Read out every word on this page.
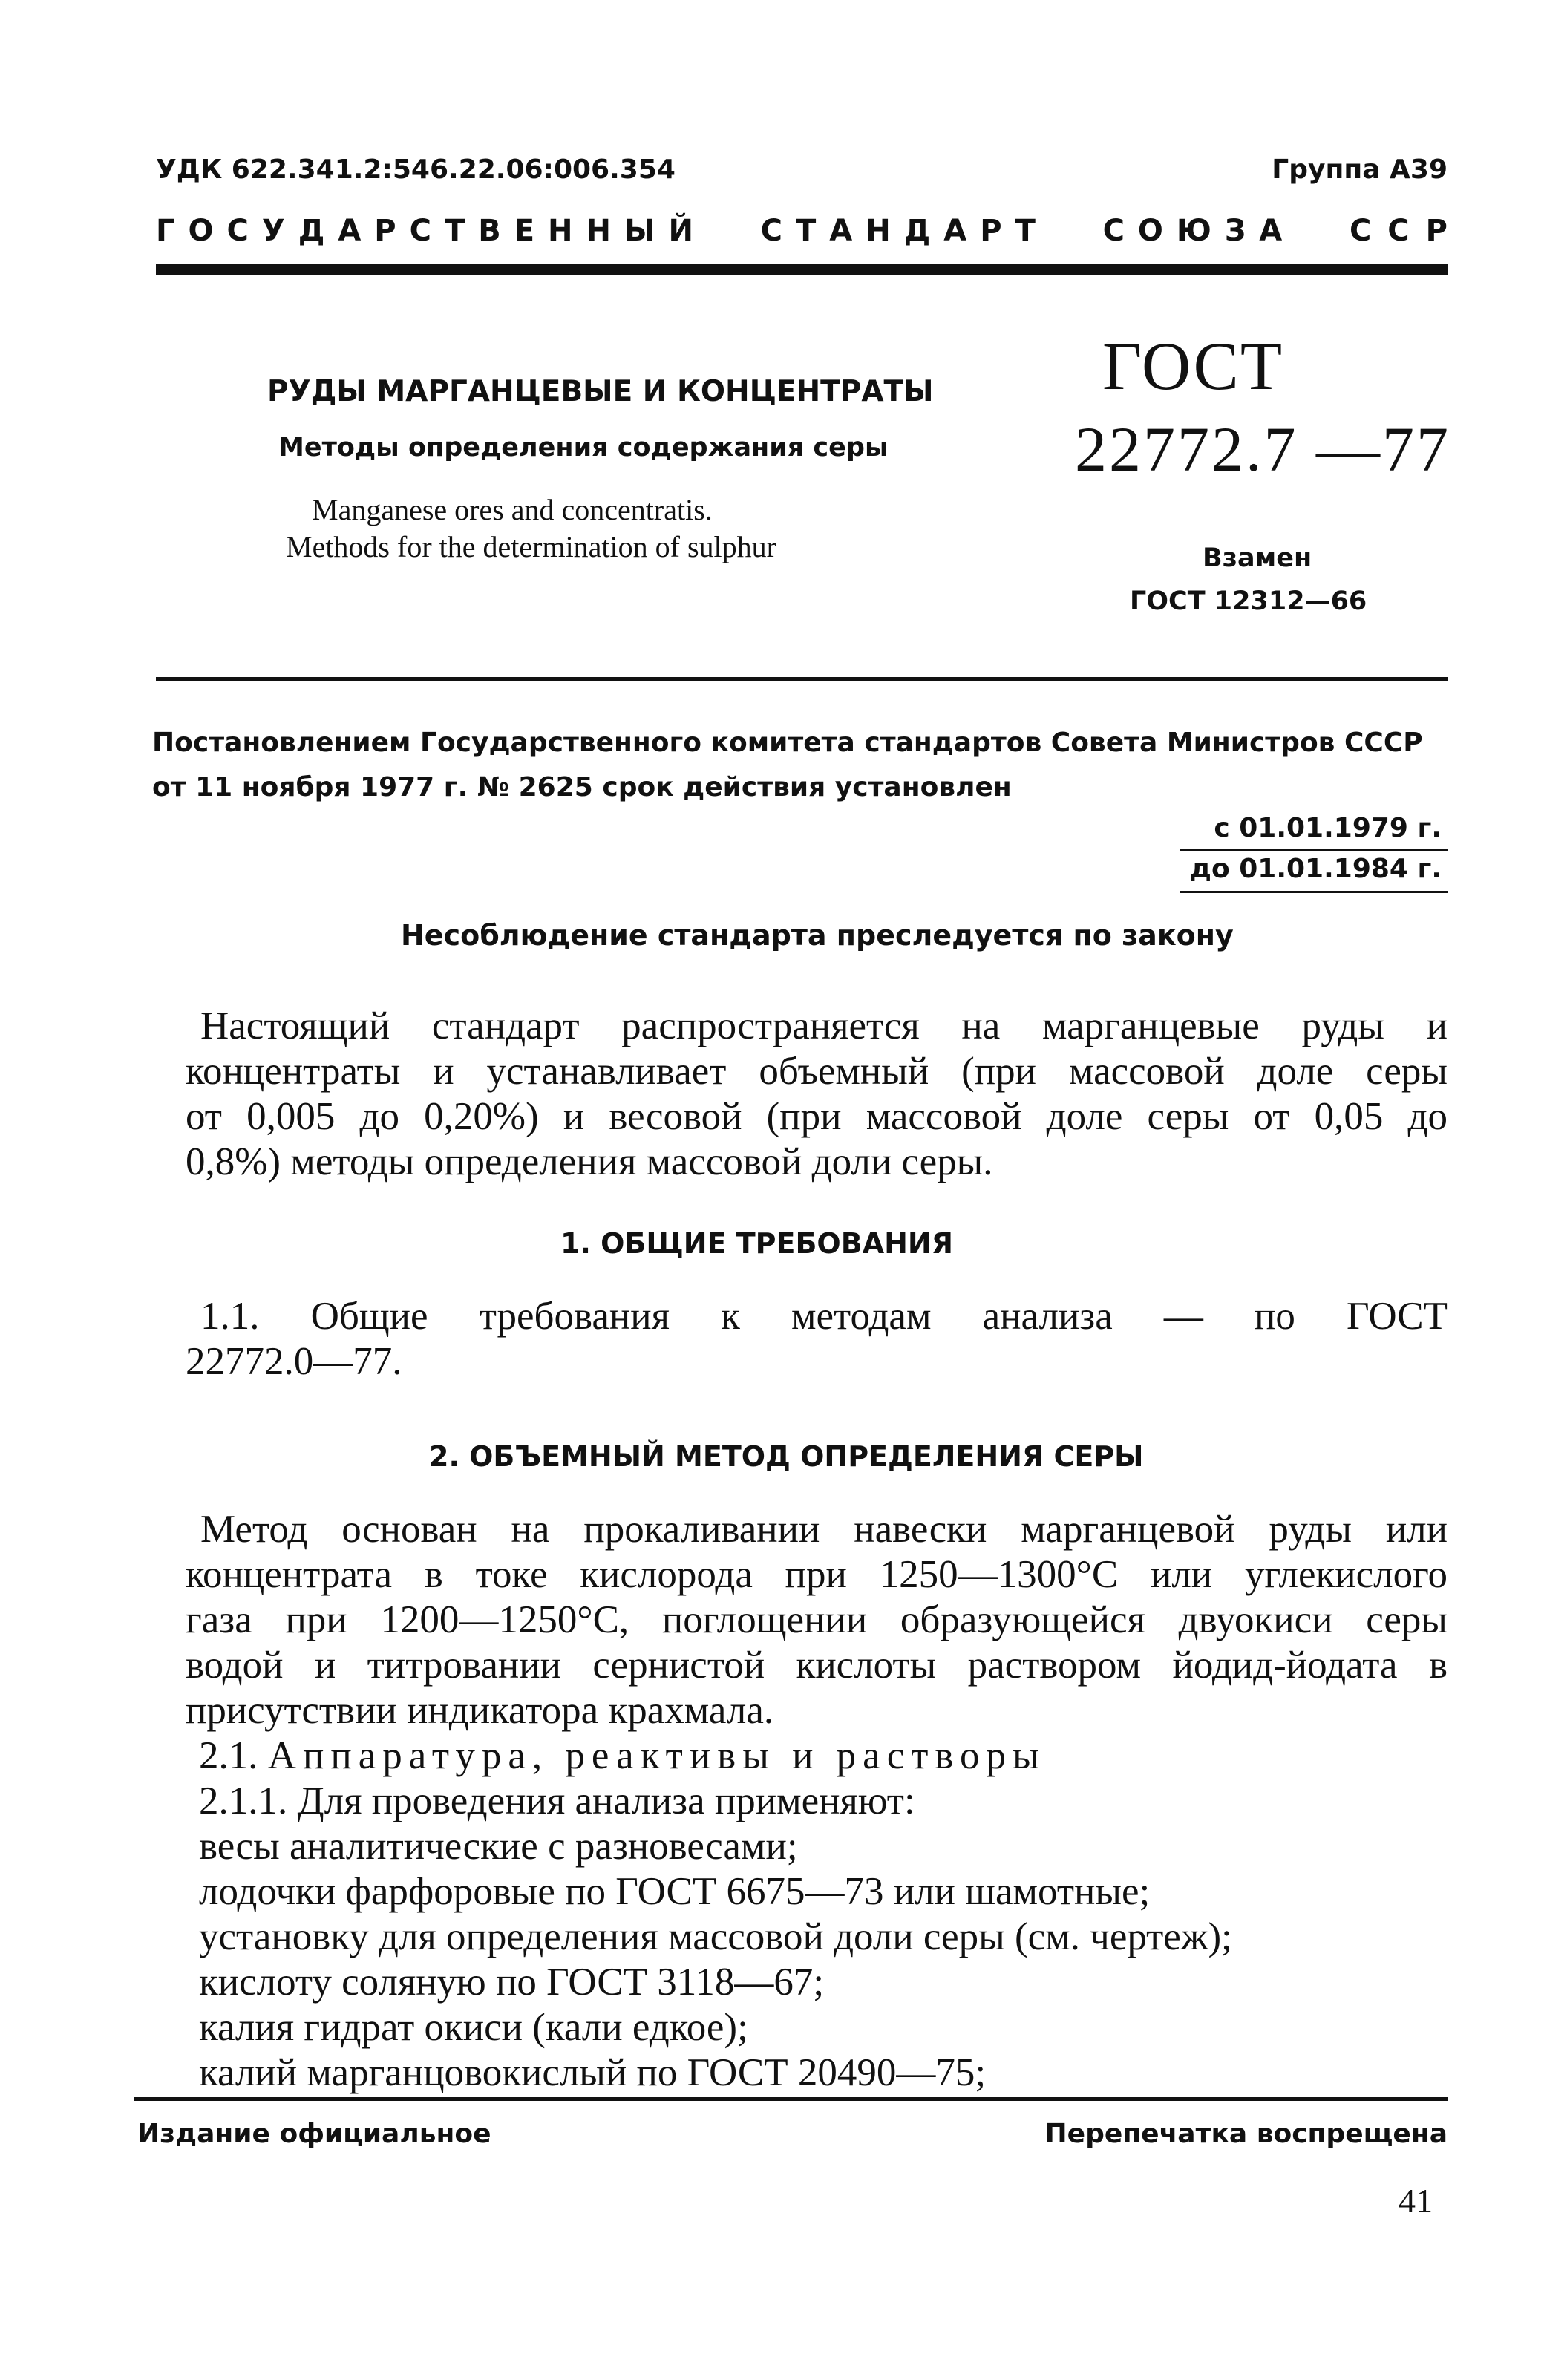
УДК 622.341.2:546.22.06:006.354	Группа А39
ГОСУДАРСТВЕННЫЙ СТАНДАРТ СОЮЗА ССР
РУДЫ МАРГАНЦЕВЫЕ И КОНЦЕНТРАТЫ
Методы определения содержания серы
Manganese ores and concentratis.
Methods for the determination of sulphur
ГОСТ
22772.7 —77
Взамен
ГОСТ 12312—66
Постановлением Государственного комитета стандартов Совета Министров СССР
от 11 ноября 1977 г. № 2625 срок действия установлен
с 01.01.1979 г.
до 01.01.1984 г.
Несоблюдение стандарта преследуется по закону

Настоящий стандарт распространяется на марганцевые руды и

концентраты и устанавливает объемный (при массовой доле серы

от 0,005 до 0,20%) и весовой (при массовой доле серы от 0,05 до

0,8%) методы определения массовой доли серы.

1. ОБЩИЕ ТРЕБОВАНИЯ

1.1. Общие требования к методам анализа — по ГОСТ

22772.0—77.

2. ОБЪЕМНЫЙ МЕТОД ОПРЕДЕЛЕНИЯ СЕРЫ

Метод основан на прокаливании навески марганцевой руды или

концентрата в токе кислорода при 1250—1300°С или углекислого

газа при 1200—1250°С, поглощении образующейся двуокиси серы

водой и титровании сернистой кислоты раствором йодид-йодата в

присутствии индикатора крахмала.

2.1. Аппаратура, реактивы и растворы

2.1.1. Для проведения анализа применяют:

весы аналитические с разновесами;

лодочки фарфоровые по ГОСТ 6675—73 или шамотные;

установку для определения массовой доли серы (см. чертеж);

кислоту соляную по ГОСТ 3118—67;

калия гидрат окиси (кали едкое);

калий марганцовокислый по ГОСТ 20490—75;

Издание официальное	Перепечатка воспрещена
41
